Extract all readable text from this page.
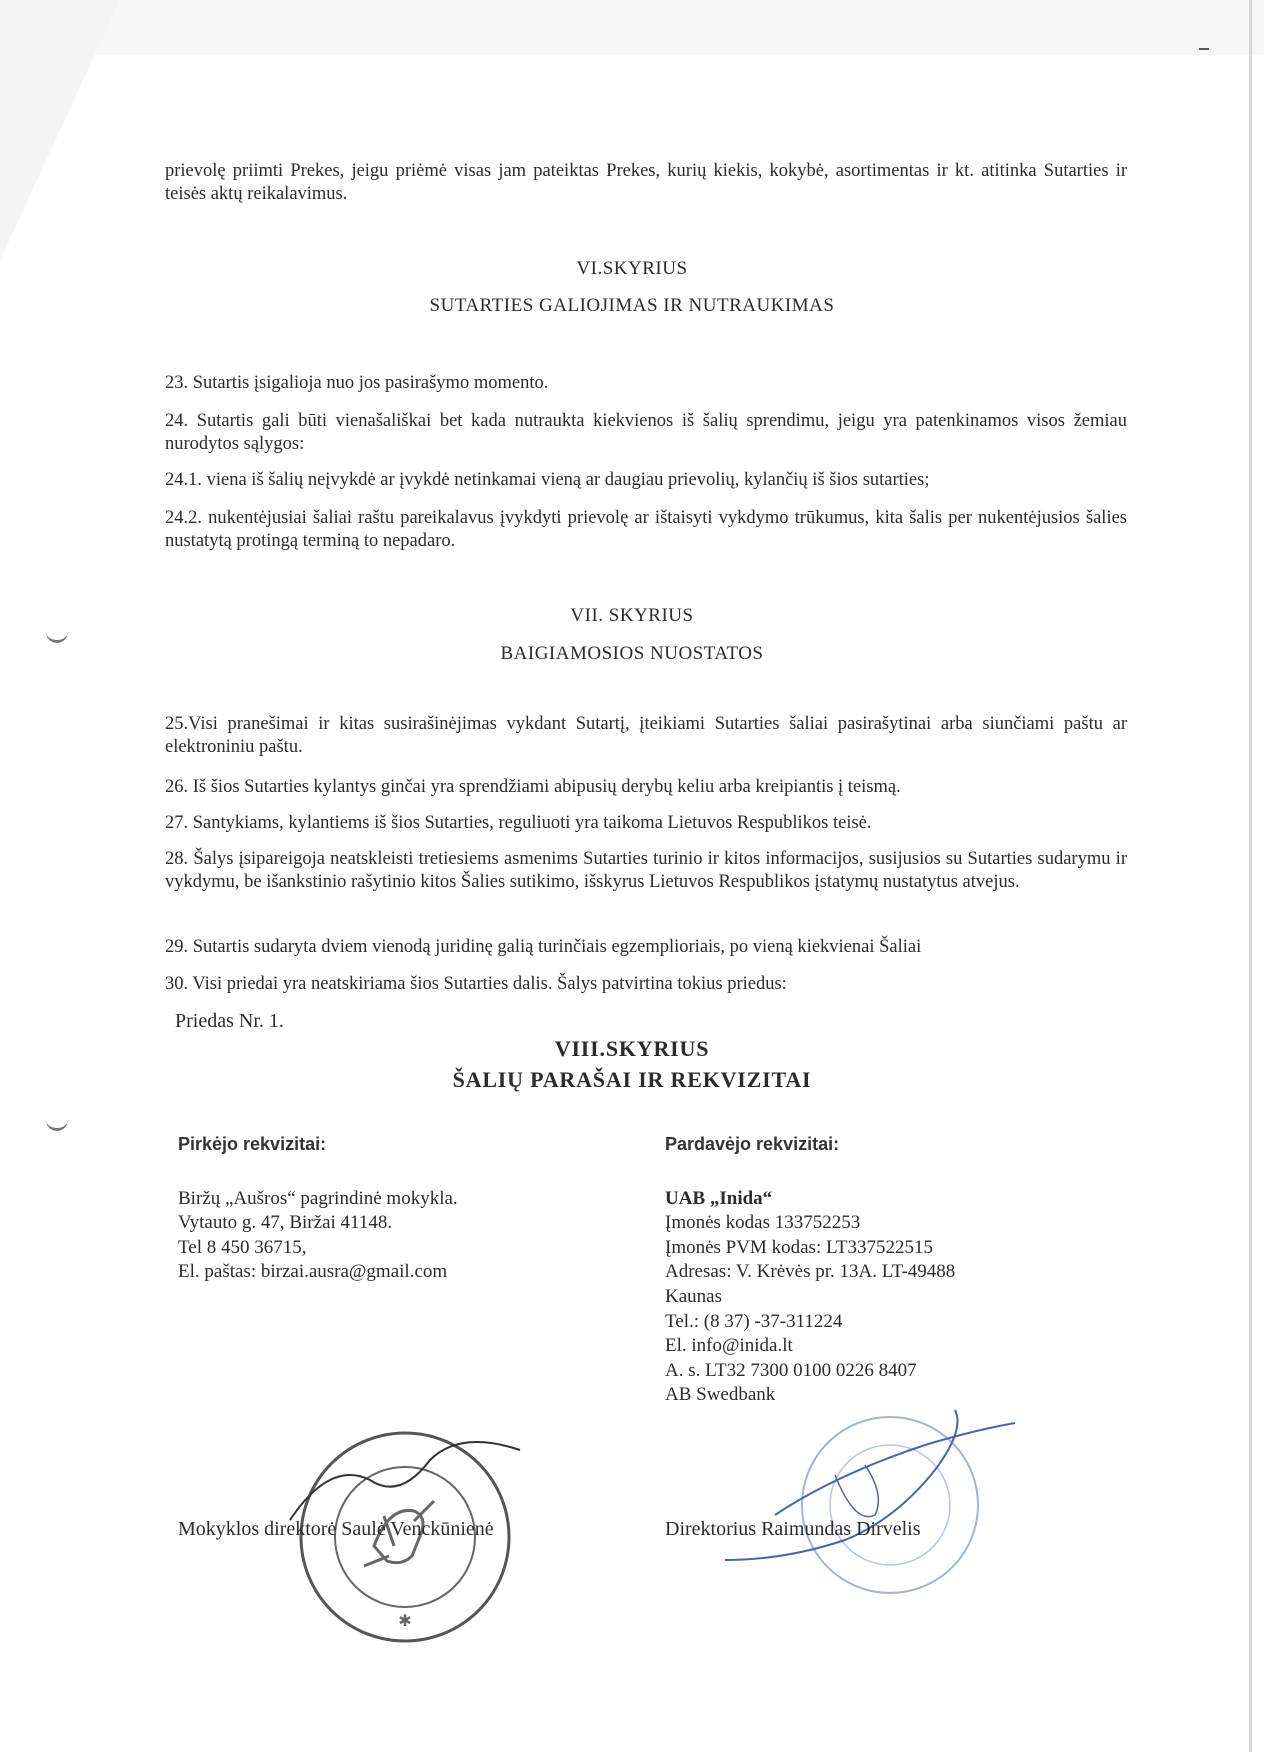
prievolę priimti Prekes, jeigu priėmė visas jam pateiktas Prekes, kurių kiekis, kokybė, asortimentas ir kt. atitinka Sutarties ir teisės aktų reikalavimus.

VI.SKYRIUS

SUTARTIES GALIOJIMAS IR NUTRAUKIMAS

23. Sutartis įsigalioja nuo jos pasirašymo momento.

24. Sutartis gali būti vienašališkai bet kada nutraukta kiekvienos iš šalių sprendimu, jeigu yra patenkinamos visos žemiau nurodytos sąlygos:

24.1. viena iš šalių neįvykdė ar įvykdė netinkamai vieną ar daugiau prievolių, kylančių iš šios sutarties;

24.2. nukentėjusiai šaliai raštu pareikalavus įvykdyti prievolę ar ištaisyti vykdymo trūkumus, kita šalis per nukentėjusios šalies nustatytą protingą terminą to nepadaro.

VII. SKYRIUS

BAIGIAMOSIOS NUOSTATOS

25.Visi pranešimai ir kitas susirašinėjimas vykdant Sutartį, įteikiami Sutarties šaliai pasirašytinai arba siunčiami paštu ar elektroniniu paštu.

26. Iš šios Sutarties kylantys ginčai yra sprendžiami abipusių derybų keliu arba kreipiantis į teismą.

27. Santykiams, kylantiems iš šios Sutarties, reguliuoti yra taikoma Lietuvos Respublikos teisė.

28. Šalys įsipareigoja neatskleisti tretiesiems asmenims Sutarties turinio ir kitos informacijos, susijusios su Sutarties sudarymu ir vykdymu, be išankstinio rašytinio kitos Šalies sutikimo, išskyrus Lietuvos Respublikos įstatymų nustatytus atvejus.

29. Sutartis sudaryta dviem vienodą juridinę galią turinčiais egzemplioriais, po vieną kiekvienai Šaliai

30. Visi priedai yra neatskiriama šios Sutarties dalis. Šalys patvirtina tokius priedus:

Priedas Nr. 1.

VIII.SKYRIUS

ŠALIŲ PARAŠAI IR REKVIZITAI

Pirkėjo rekvizitai:
Biržų „Aušros“ pagrindinė mokykla.
Vytauto g. 47, Biržai 41148.
Tel 8 450 36715,
El. paštas: birzai.ausra@gmail.com
Pardavėjo rekvizitai:
UAB „Inida“
Įmonės kodas 133752253
Įmonės PVM kodas: LT337522515
Adresas: V. Krėvės pr. 13A. LT-49488
Kaunas
Tel.: (8 37) -37-311224
El. info@inida.lt
A. s. LT32 7300 0100 0226 8407
AB Swedbank
✱

Mokyklos direktorė Saulė Venckūnienė	Direktorius Raimundas Dirvelis
